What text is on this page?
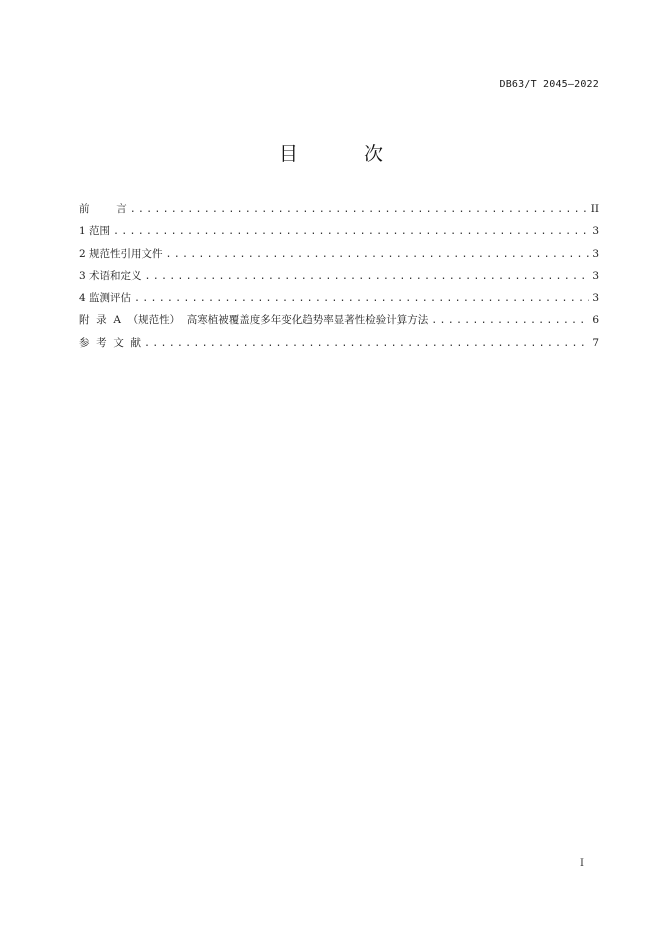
DB63/T 2045—2022
目 次
前        言 .....	II
1 范围 .....	3
2 规范性引用文件 .....	3
3 术语和定义 .....	3
4 监测评估 .....	3
附  录  A  （规范性）  高寒植被覆盖度多年变化趋势率显著性检验计算方法 .....	6
参  考  文  献 .....	7
I
